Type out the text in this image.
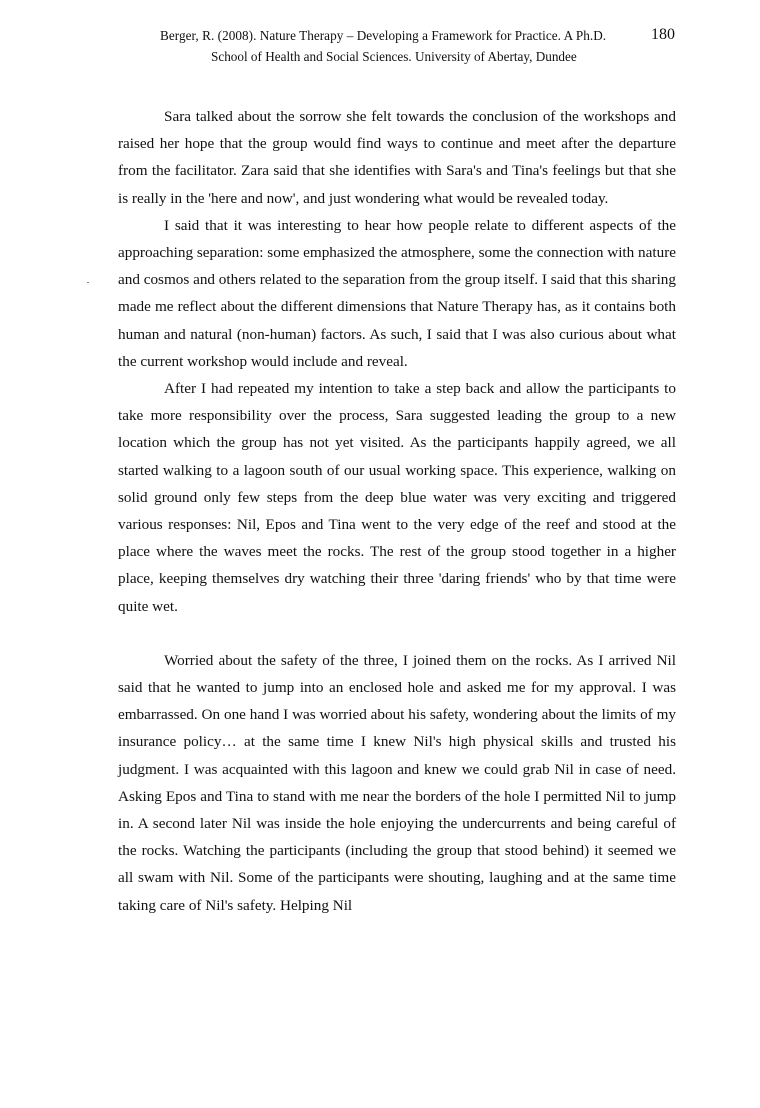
Berger, R. (2008). Nature Therapy – Developing a Framework for Practice. A Ph.D.	180
School of Health and Social Sciences. University of Abertay, Dundee

Sara talked about the sorrow she felt towards the conclusion of the workshops and raised her hope that the group would find ways to continue and meet after the departure from the facilitator. Zara said that she identifies with Sara's and Tina's feelings but that she is really in the 'here and now', and just wondering what would be revealed today.

I said that it was interesting to hear how people relate to different aspects of the approaching separation: some emphasized the atmosphere, some the connection with nature and cosmos and others related to the separation from the group itself. I said that this sharing made me reflect about the different dimensions that Nature Therapy has, as it contains both human and natural (non-human) factors. As such, I said that I was also curious about what the current workshop would include and reveal.

After I had repeated my intention to take a step back and allow the participants to take more responsibility over the process, Sara suggested leading the group to a new location which the group has not yet visited. As the participants happily agreed, we all started walking to a lagoon south of our usual working space. This experience, walking on solid ground only few steps from the deep blue water was very exciting and triggered various responses: Nil, Epos and Tina went to the very edge of the reef and stood at the place where the waves meet the rocks. The rest of the group stood together in a higher place, keeping themselves dry watching their three 'daring friends' who by that time were quite wet.

Worried about the safety of the three, I joined them on the rocks. As I arrived Nil said that he wanted to jump into an enclosed hole and asked me for my approval. I was embarrassed. On one hand I was worried about his safety, wondering about the limits of my insurance policy… at the same time I knew Nil's high physical skills and trusted his judgment. I was acquainted with this lagoon and knew we could grab Nil in case of need. Asking Epos and Tina to stand with me near the borders of the hole I permitted Nil to jump in. A second later Nil was inside the hole enjoying the undercurrents and being careful of the rocks. Watching the participants (including the group that stood behind) it seemed we all swam with Nil. Some of the participants were shouting, laughing and at the same time taking care of Nil's safety. Helping Nil
